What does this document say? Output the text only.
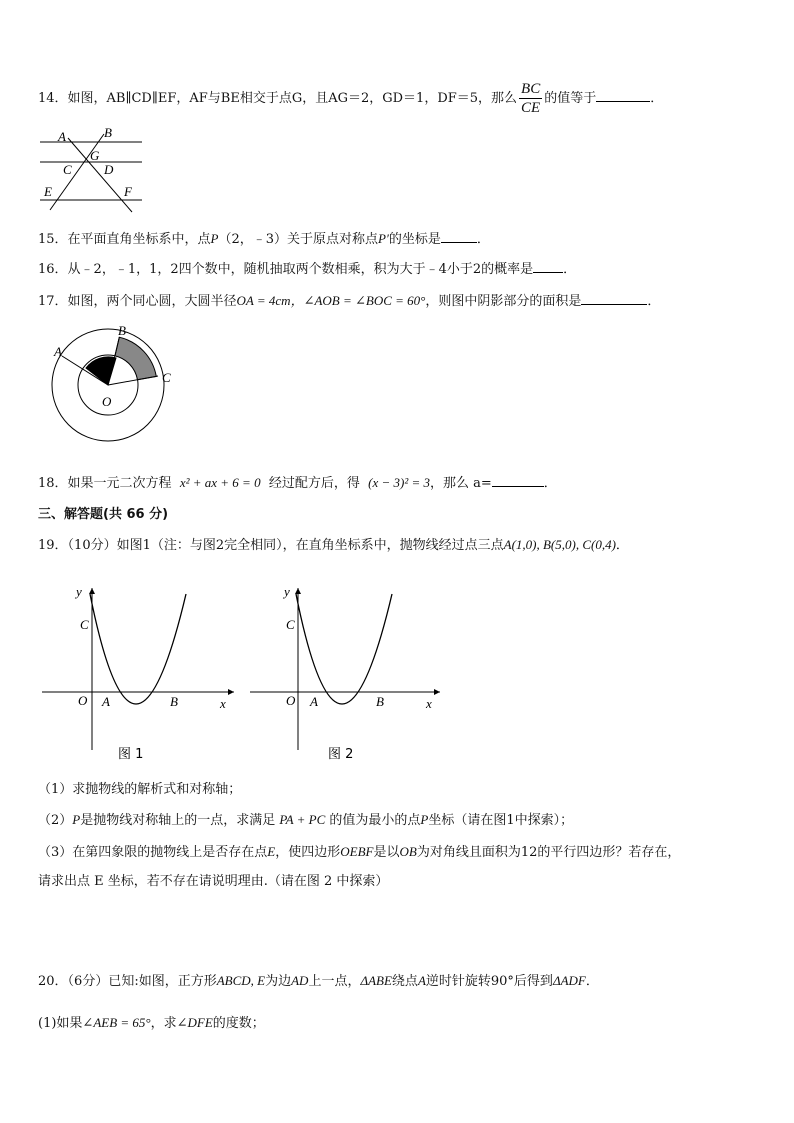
14．如图，AB∥CD∥EF，AF与BE相交于点G，且AG＝2，GD＝1，DF＝5，那么 $\frac{BC}{CE}$ 的值等于	．
A	B
G
C D
E	F
15．在平面直角坐标系中，点P（2，﹣3）关于原点对称点P′的坐标是	．
16．从﹣2，﹣1，1，2四个数中，随机抽取两个数相乘，积为大于﹣4小于2的概率是 ．
17．如图，两个同心圆，大圆半径OA = 4cm，∠AOB = ∠BOC = 60°，则图中阴影部分的面积是	．
A
B
C
O
18．如果一元二次方程 x² + ax + 6 = 0 经过配方后，得 (x − 3)² = 3，那么 a=	．
三、解答题(共 66 分)
19．（10分）如图1（注：与图2完全相同），在直角坐标系中，抛物线经过点三点A(1,0), B(5,0), C(0,4)．
y
x
O A	B
C
图 1
y
x
O A	B
C
图 2
（1）求抛物线的解析式和对称轴；
（2）P是抛物线对称轴上的一点，求满足 PA + PC 的值为最小的点P坐标（请在图1中探索）；
（3）在第四象限的抛物线上是否存在点E，使四边形OEBF是以OB为对角线且面积为12的平行四边形？若存在，
请求出点 E 坐标，若不存在请说明理由.（请在图 2 中探索）
20．（6分）已知:如图，正方形ABCD, E为边AD上一点，ΔABE绕点A逆时针旋转90°后得到ΔADF．
(1)如果∠AEB = 65°，求∠DFE的度数；
